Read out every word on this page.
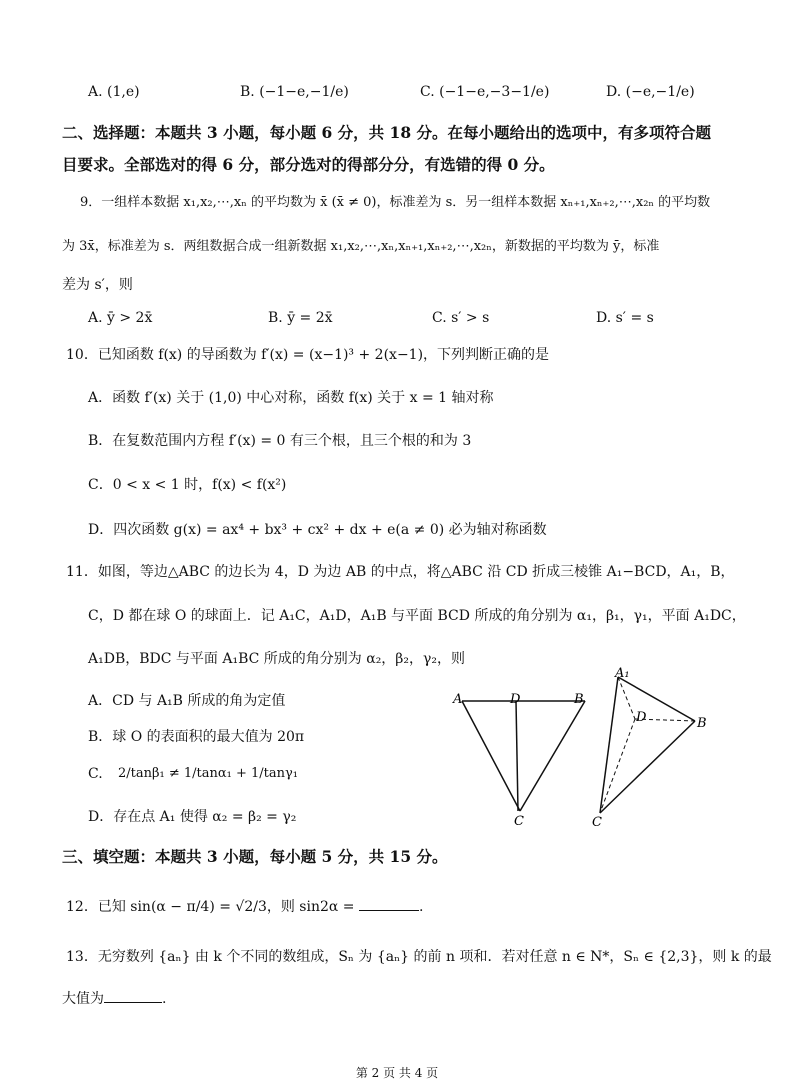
A. (1,e)	B. (−1−e,−1/e)	C. (−1−e,−3−1/e)	D. (−e,−1/e)
二、选择题：本题共 3 小题，每小题 6 分，共 18 分。在每小题给出的选项中，有多项符合题
目要求。全部选对的得 6 分，部分选对的得部分分，有选错的得 0 分。
9．一组样本数据 x₁,x₂,⋯,xₙ 的平均数为 x̄ (x̄ ≠ 0)，标准差为 s．另一组样本数据 xₙ₊₁,xₙ₊₂,⋯,x₂ₙ 的平均数
为 3x̄，标准差为 s．两组数据合成一组新数据 x₁,x₂,⋯,xₙ,xₙ₊₁,xₙ₊₂,⋯,x₂ₙ，新数据的平均数为 ȳ，标准
差为 s′，则
A. ȳ > 2x̄	B. ȳ = 2x̄	C. s′ > s	D. s′ = s
10．已知函数 f(x) 的导函数为 f′(x) = (x−1)³ + 2(x−1)，下列判断正确的是
A．函数 f′(x) 关于 (1,0) 中心对称，函数 f(x) 关于 x = 1 轴对称
B．在复数范围内方程 f′(x) = 0 有三个根，且三个根的和为 3
C．0 < x < 1 时，f(x) < f(x²)
D．四次函数 g(x) = ax⁴ + bx³ + cx² + dx + e(a ≠ 0) 必为轴对称函数
11．如图，等边△ABC 的边长为 4，D 为边 AB 的中点，将△ABC 沿 CD 折成三棱锥 A₁−BCD，A₁，B，
C，D 都在球 O 的球面上．记 A₁C，A₁D，A₁B 与平面 BCD 所成的角分别为 α₁，β₁，γ₁，平面 A₁DC，
A₁DB，BDC 与平面 A₁BC 所成的角分别为 α₂，β₂，γ₂，则
A．CD 与 A₁B 所成的角为定值
B．球 O 的表面积的最大值为 20π
C. 2/tanβ₁ ≠ 1/tanα₁ + 1/tanγ₁
D．存在点 A₁ 使得 α₂ = β₂ = γ₂
A	D	B
C
A₁
D	B
C
三、填空题：本题共 3 小题，每小题 5 分，共 15 分。
12．已知 sin(α − π/4) = √2/3，则 sin2α =	.
13．无穷数列 {aₙ} 由 k 个不同的数组成，Sₙ 为 {aₙ} 的前 n 项和．若对任意 n ∈ N*，Sₙ ∈ {2,3}，则 k 的最
大值为	.
第 2 页 共 4 页
